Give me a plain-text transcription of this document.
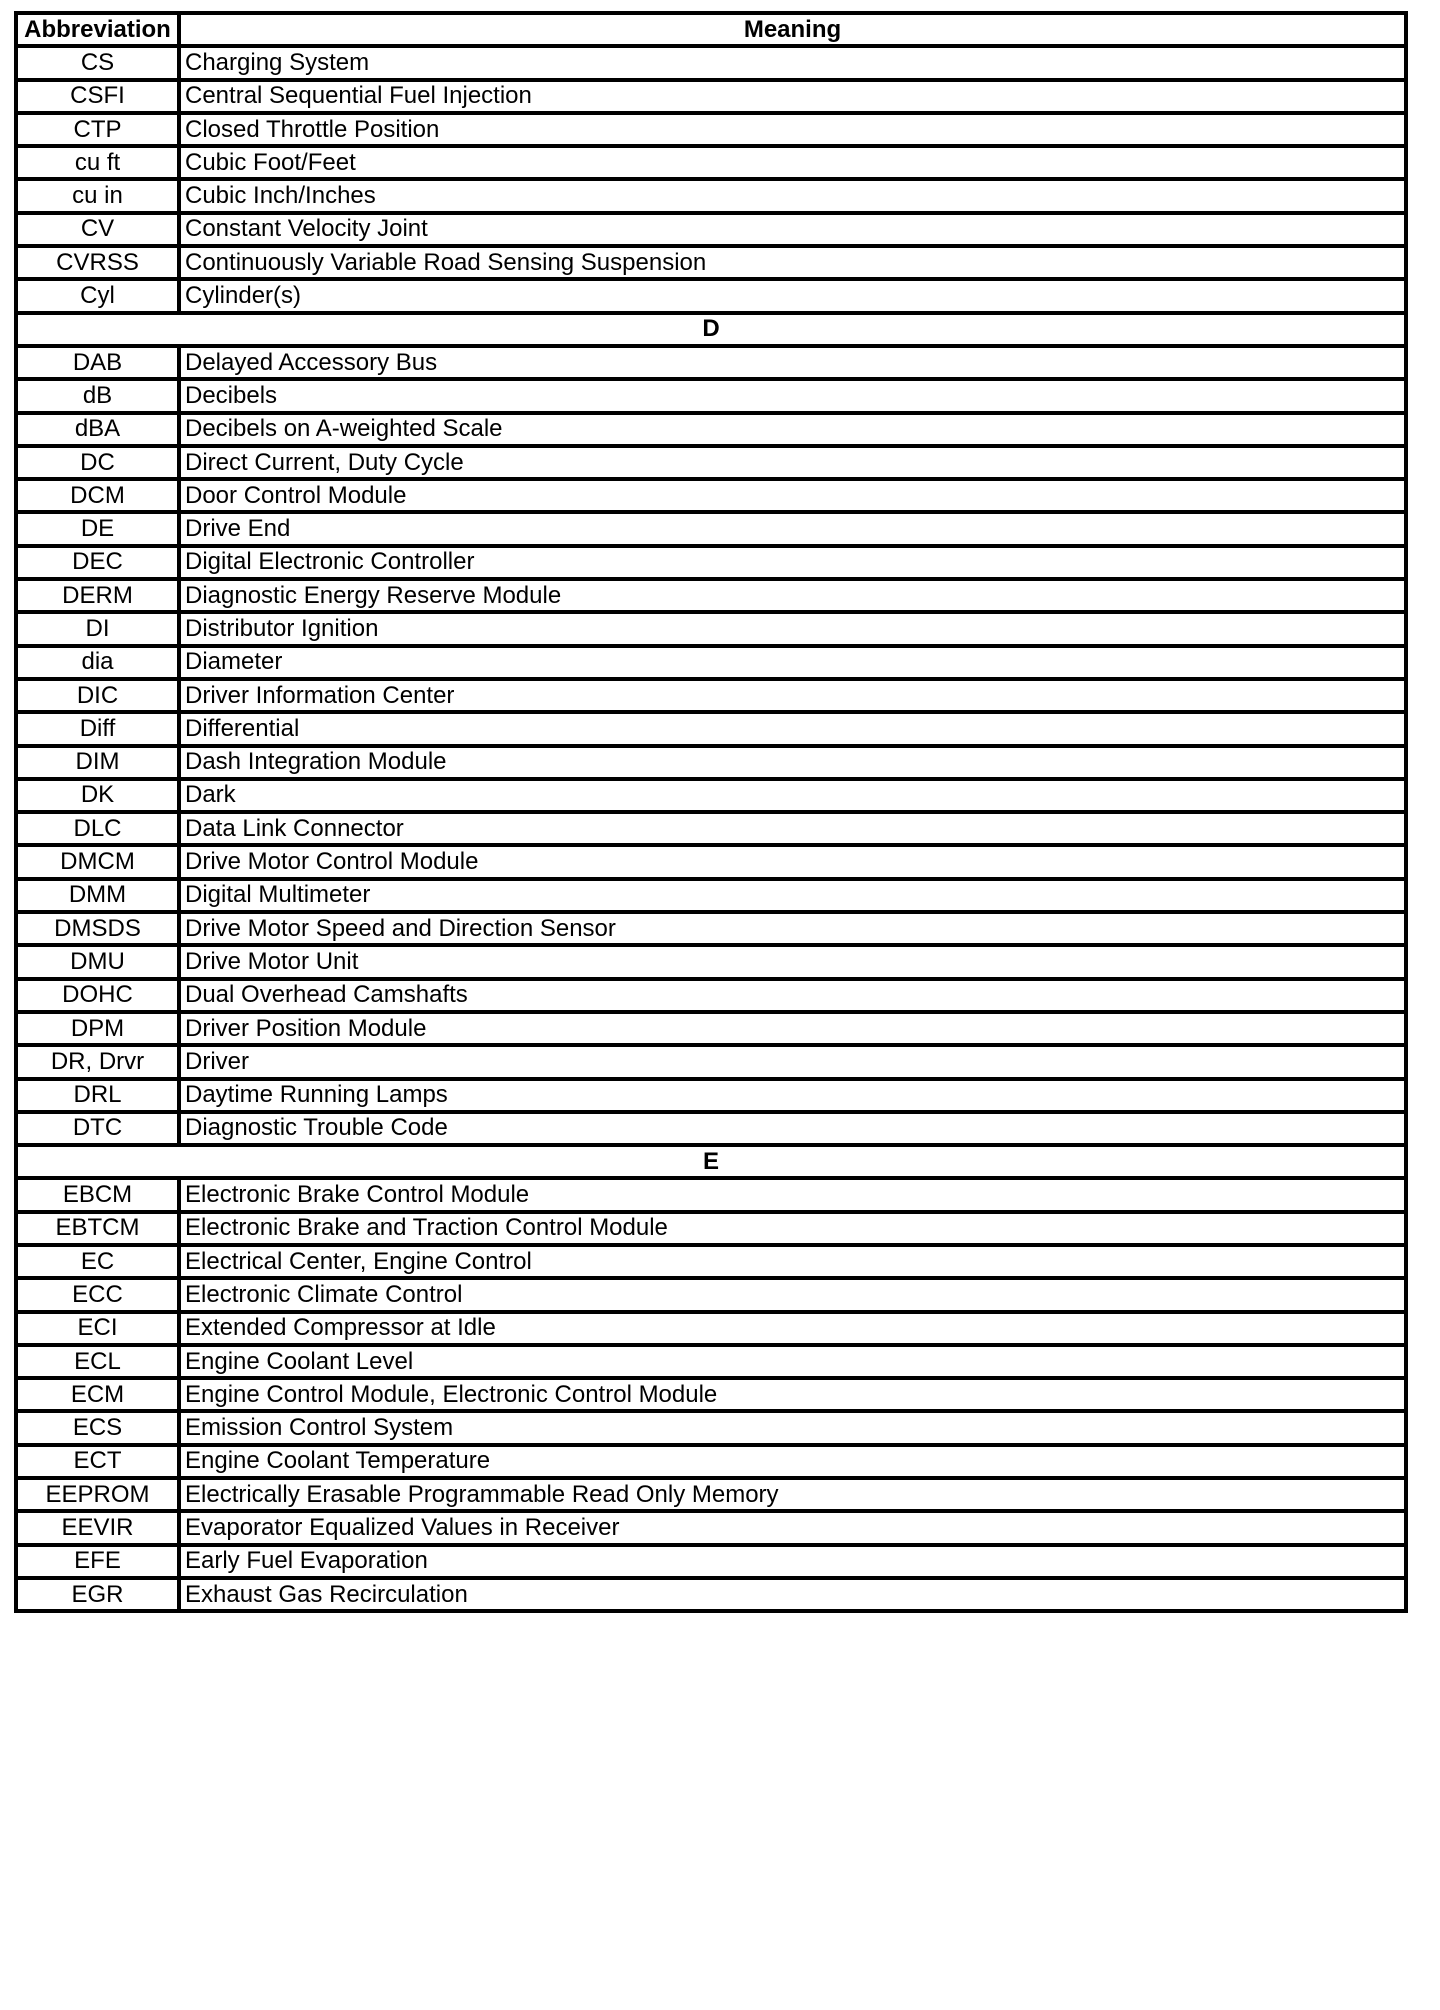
Abbreviation	Meaning
CS	Charging System
CSFI	Central Sequential Fuel Injection
CTP	Closed Throttle Position
cu ft	Cubic Foot/Feet
cu in	Cubic Inch/Inches
CV	Constant Velocity Joint
CVRSS	Continuously Variable Road Sensing Suspension
Cyl	Cylinder(s)
D	
DAB	Delayed Accessory Bus
dB	Decibels
dBA	Decibels on A-weighted Scale
DC	Direct Current, Duty Cycle
DCM	Door Control Module
DE	Drive End
DEC	Digital Electronic Controller
DERM	Diagnostic Energy Reserve Module
DI	Distributor Ignition
dia	Diameter
DIC	Driver Information Center
Diff	Differential
DIM	Dash Integration Module
DK	Dark
DLC	Data Link Connector
DMCM	Drive Motor Control Module
DMM	Digital Multimeter
DMSDS	Drive Motor Speed and Direction Sensor
DMU	Drive Motor Unit
DOHC	Dual Overhead Camshafts
DPM	Driver Position Module
DR, Drvr	Driver
DRL	Daytime Running Lamps
DTC	Diagnostic Trouble Code
E	
EBCM	Electronic Brake Control Module
EBTCM	Electronic Brake and Traction Control Module
EC	Electrical Center, Engine Control
ECC	Electronic Climate Control
ECI	Extended Compressor at Idle
ECL	Engine Coolant Level
ECM	Engine Control Module, Electronic Control Module
ECS	Emission Control System
ECT	Engine Coolant Temperature
EEPROM	Electrically Erasable Programmable Read Only Memory
EEVIR	Evaporator Equalized Values in Receiver
EFE	Early Fuel Evaporation
EGR	Exhaust Gas Recirculation
